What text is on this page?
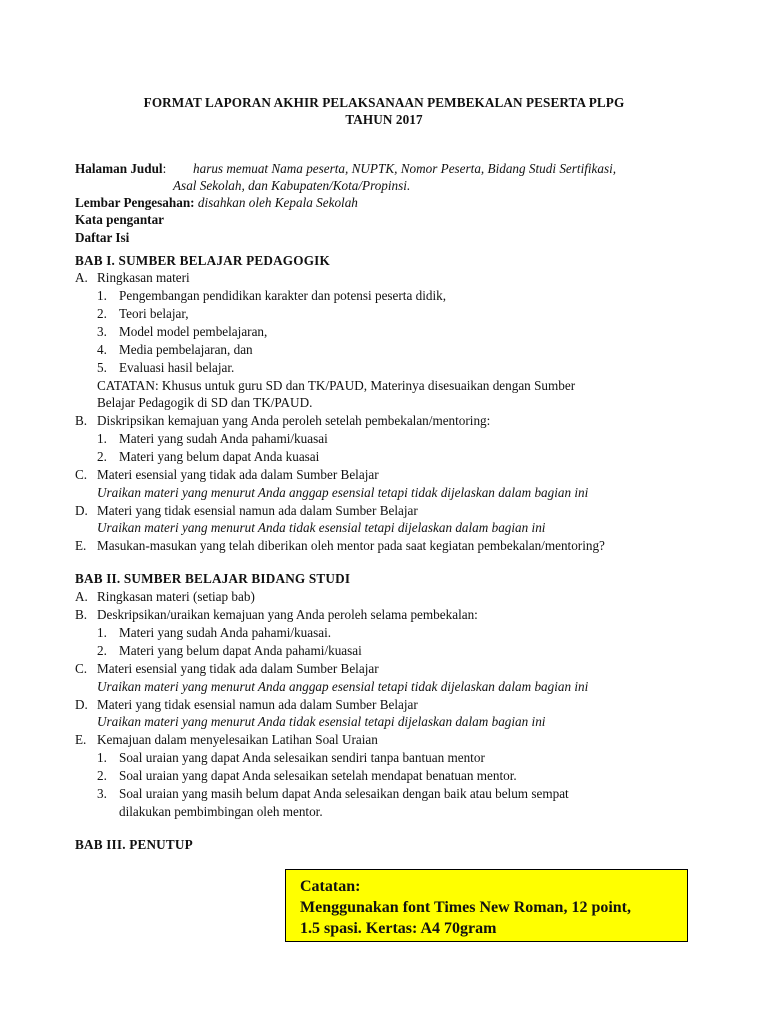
FORMAT LAPORAN AKHIR PELAKSANAAN PEMBEKALAN PESERTA PLPG
TAHUN 2017
Halaman Judul: harus memuat Nama peserta, NUPTK, Nomor Peserta, Bidang Studi Sertifikasi,
Asal Sekolah, dan Kabupaten/Kota/Propinsi.
Lembar Pengesahan: disahkan oleh Kepala Sekolah
Kata pengantar
Daftar Isi
BAB I. SUMBER BELAJAR PEDAGOGIK
A. Ringkasan materi
1. Pengembangan pendidikan karakter dan potensi peserta didik,
2. Teori belajar,
3. Model model pembelajaran,
4. Media pembelajaran, dan
5. Evaluasi hasil belajar.
CATATAN: Khusus untuk guru SD dan TK/PAUD, Materinya disesuaikan dengan Sumber
Belajar Pedagogik di SD dan TK/PAUD.
B. Diskripsikan kemajuan yang Anda peroleh setelah pembekalan/mentoring:
1. Materi yang sudah Anda pahami/kuasai
2. Materi yang belum dapat Anda kuasai
C. Materi esensial yang tidak ada dalam Sumber Belajar
Uraikan materi yang menurut Anda anggap esensial tetapi tidak dijelaskan dalam bagian ini
D. Materi yang tidak esensial namun ada dalam Sumber Belajar
Uraikan materi yang menurut Anda tidak esensial tetapi dijelaskan dalam bagian ini
E. Masukan-masukan yang telah diberikan oleh mentor pada saat kegiatan pembekalan/mentoring?
BAB II. SUMBER BELAJAR BIDANG STUDI
A. Ringkasan materi (setiap bab)
B. Deskripsikan/uraikan kemajuan yang Anda peroleh selama pembekalan:
1. Materi yang sudah Anda pahami/kuasai.
2. Materi yang belum dapat Anda pahami/kuasai
C. Materi esensial yang tidak ada dalam Sumber Belajar
Uraikan materi yang menurut Anda anggap esensial tetapi tidak dijelaskan dalam bagian ini
D. Materi yang tidak esensial namun ada dalam Sumber Belajar
Uraikan materi yang menurut Anda tidak esensial tetapi dijelaskan dalam bagian ini
E. Kemajuan dalam menyelesaikan Latihan Soal Uraian
1. Soal uraian yang dapat Anda selesaikan sendiri tanpa bantuan mentor
2. Soal uraian yang dapat Anda selesaikan setelah mendapat benatuan mentor.
3. Soal uraian yang masih belum dapat Anda selesaikan dengan baik atau belum sempat
dilakukan pembimbingan oleh mentor.
BAB III. PENUTUP
Catatan:
Menggunakan font Times New Roman, 12 point,
1.5 spasi. Kertas: A4 70gram
